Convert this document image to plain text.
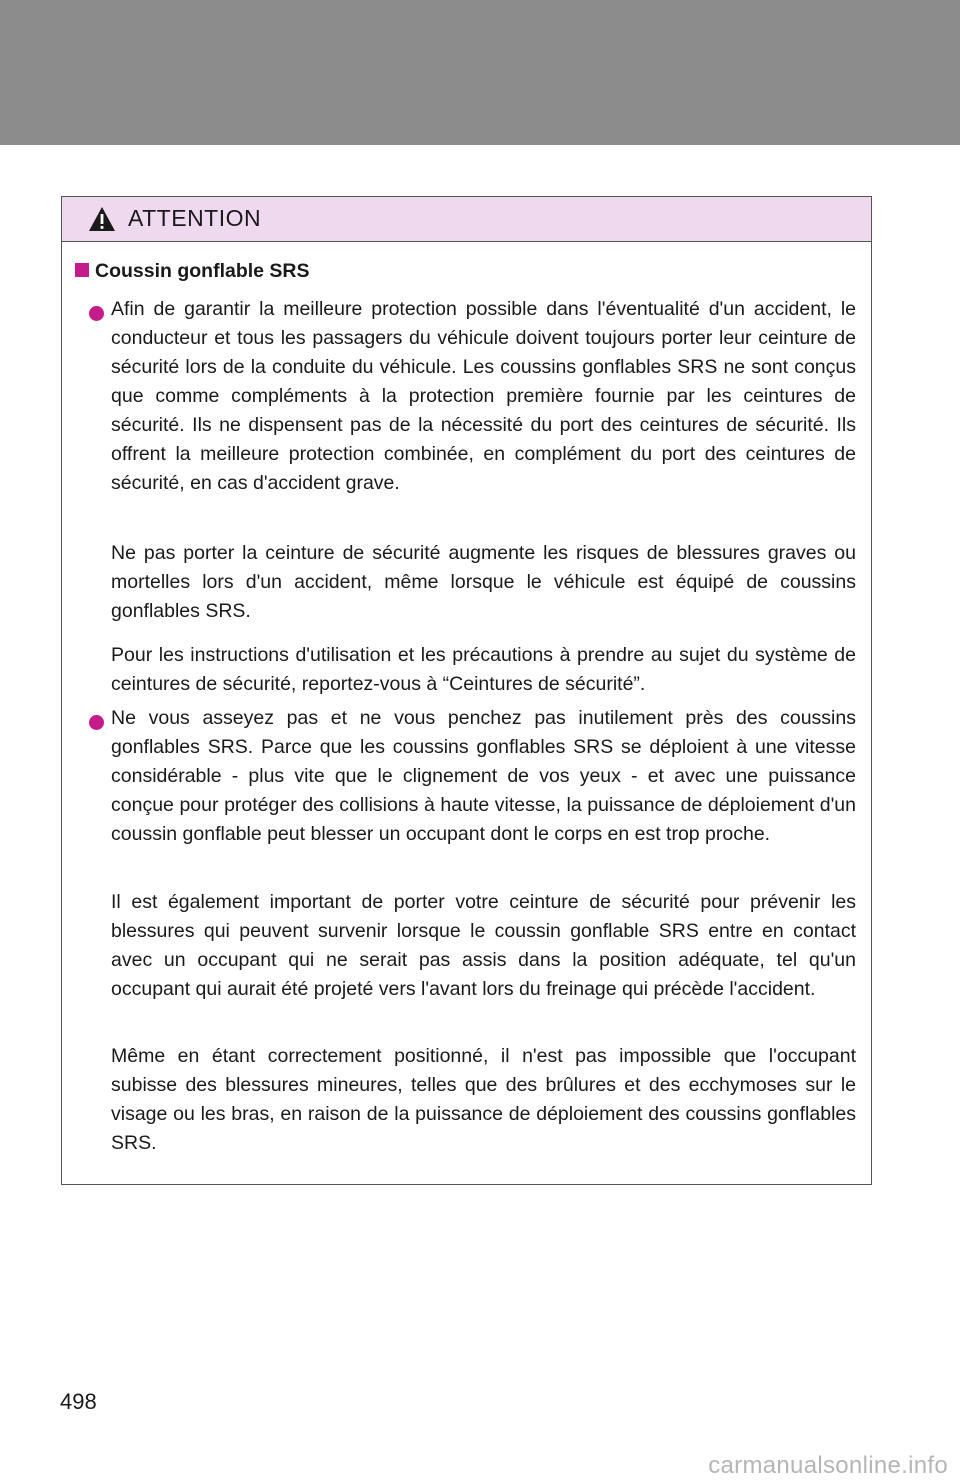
ATTENTION
Coussin gonflable SRS
Afin de garantir la meilleure protection possible dans l'éventualité d'un accident, le conducteur et tous les passagers du véhicule doivent toujours porter leur ceinture de sécurité lors de la conduite du véhicule. Les coussins gonflables SRS ne sont conçus que comme compléments à la protection première fournie par les ceintures de sécurité. Ils ne dispensent pas de la nécessité du port des ceintures de sécurité. Ils offrent la meilleure protection combinée, en complément du port des ceintures de sécurité, en cas d'accident grave.
Ne pas porter la ceinture de sécurité augmente les risques de blessures graves ou mortelles lors d'un accident, même lorsque le véhicule est équipé de coussins gonflables SRS.
Pour les instructions d'utilisation et les précautions à prendre au sujet du système de ceintures de sécurité, reportez-vous à “Ceintures de sécurité”.
Ne vous asseyez pas et ne vous penchez pas inutilement près des coussins gonflables SRS. Parce que les coussins gonflables SRS se déploient à une vitesse considérable - plus vite que le clignement de vos yeux - et avec une puissance conçue pour protéger des collisions à haute vitesse, la puissance de déploiement d'un coussin gonflable peut blesser un occupant dont le corps en est trop proche.
Il est également important de porter votre ceinture de sécurité pour prévenir les blessures qui peuvent survenir lorsque le coussin gonflable SRS entre en contact avec un occupant qui ne serait pas assis dans la position adéquate, tel qu'un occupant qui aurait été projeté vers l'avant lors du freinage qui précède l'accident.
Même en étant correctement positionné, il n'est pas impossible que l'occupant subisse des blessures mineures, telles que des brûlures et des ecchymoses sur le visage ou les bras, en raison de la puissance de déploiement des coussins gonflables SRS.
498
carmanualsonline.info
